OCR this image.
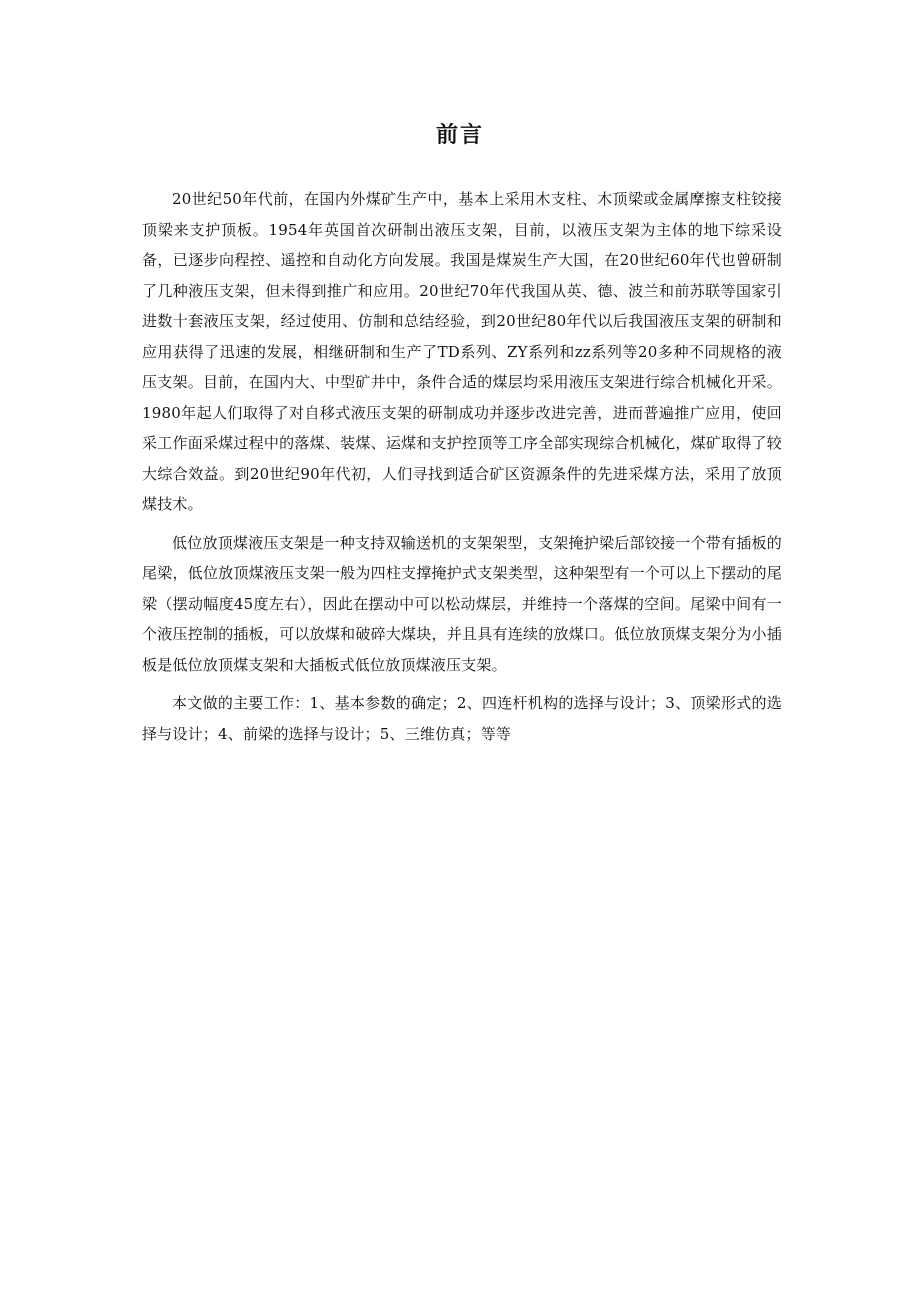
前言

20世纪50年代前，在国内外煤矿生产中，基本上采用木支柱、木顶梁或金属摩擦支柱铰接顶梁来支护顶板。1954年英国首次研制出液压支架，目前，以液压支架为主体的地下综采设备，已逐步向程控、遥控和自动化方向发展。我国是煤炭生产大国，在20世纪60年代也曾研制了几种液压支架，但未得到推广和应用。20世纪70年代我国从英、德、波兰和前苏联等国家引进数十套液压支架，经过使用、仿制和总结经验，到20世纪80年代以后我国液压支架的研制和应用获得了迅速的发展，相继研制和生产了TD系列、ZY系列和zz系列等20多种不同规格的液压支架。目前，在国内大、中型矿井中，条件合适的煤层均采用液压支架进行综合机械化开采。1980年起人们取得了对自移式液压支架的研制成功并逐步改进完善，进而普遍推广应用，使回采工作面采煤过程中的落煤、装煤、运煤和支护控顶等工序全部实现综合机械化，煤矿取得了较大综合效益。到20世纪90年代初，人们寻找到适合矿区资源条件的先进采煤方法，采用了放顶煤技术。

低位放顶煤液压支架是一种支持双输送机的支架架型，支架掩护梁后部铰接一个带有插板的尾梁，低位放顶煤液压支架一般为四柱支撑掩护式支架类型，这种架型有一个可以上下摆动的尾梁（摆动幅度45度左右），因此在摆动中可以松动煤层，并维持一个落煤的空间。尾梁中间有一个液压控制的插板，可以放煤和破碎大煤块，并且具有连续的放煤口。低位放顶煤支架分为小插板是低位放顶煤支架和大插板式低位放顶煤液压支架。

本文做的主要工作：1、基本参数的确定；2、四连杆机构的选择与设计；3、顶梁形式的选择与设计；4、前梁的选择与设计；5、三维仿真；等等
